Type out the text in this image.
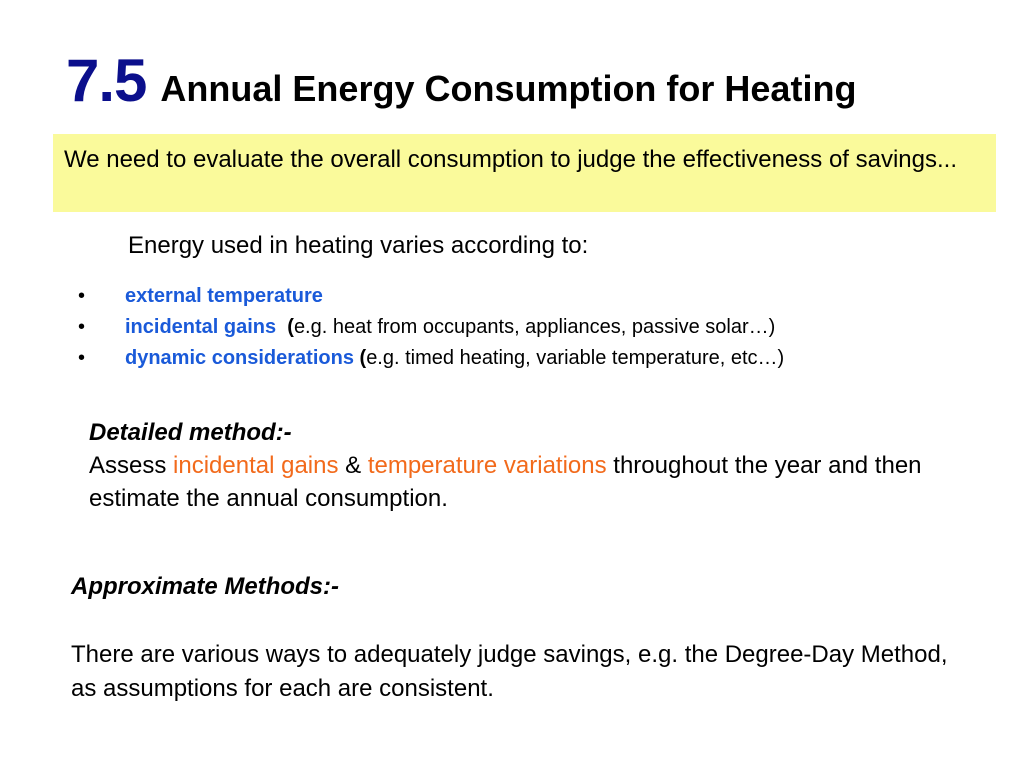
7.5 Annual Energy Consumption for Heating
We need to evaluate the overall consumption to judge the effectiveness of savings...
Energy used in heating varies according to:
•	external temperature
•	incidental gains  (e.g. heat from occupants, appliances, passive solar…)
•	dynamic considerations (e.g. timed heating, variable temperature, etc…)
Detailed method:-
Assess incidental gains & temperature variations throughout the year and then estimate the annual consumption.
Approximate Methods:-
There are various ways to adequately judge savings, e.g. the Degree-Day Method, as assumptions for each are consistent.
